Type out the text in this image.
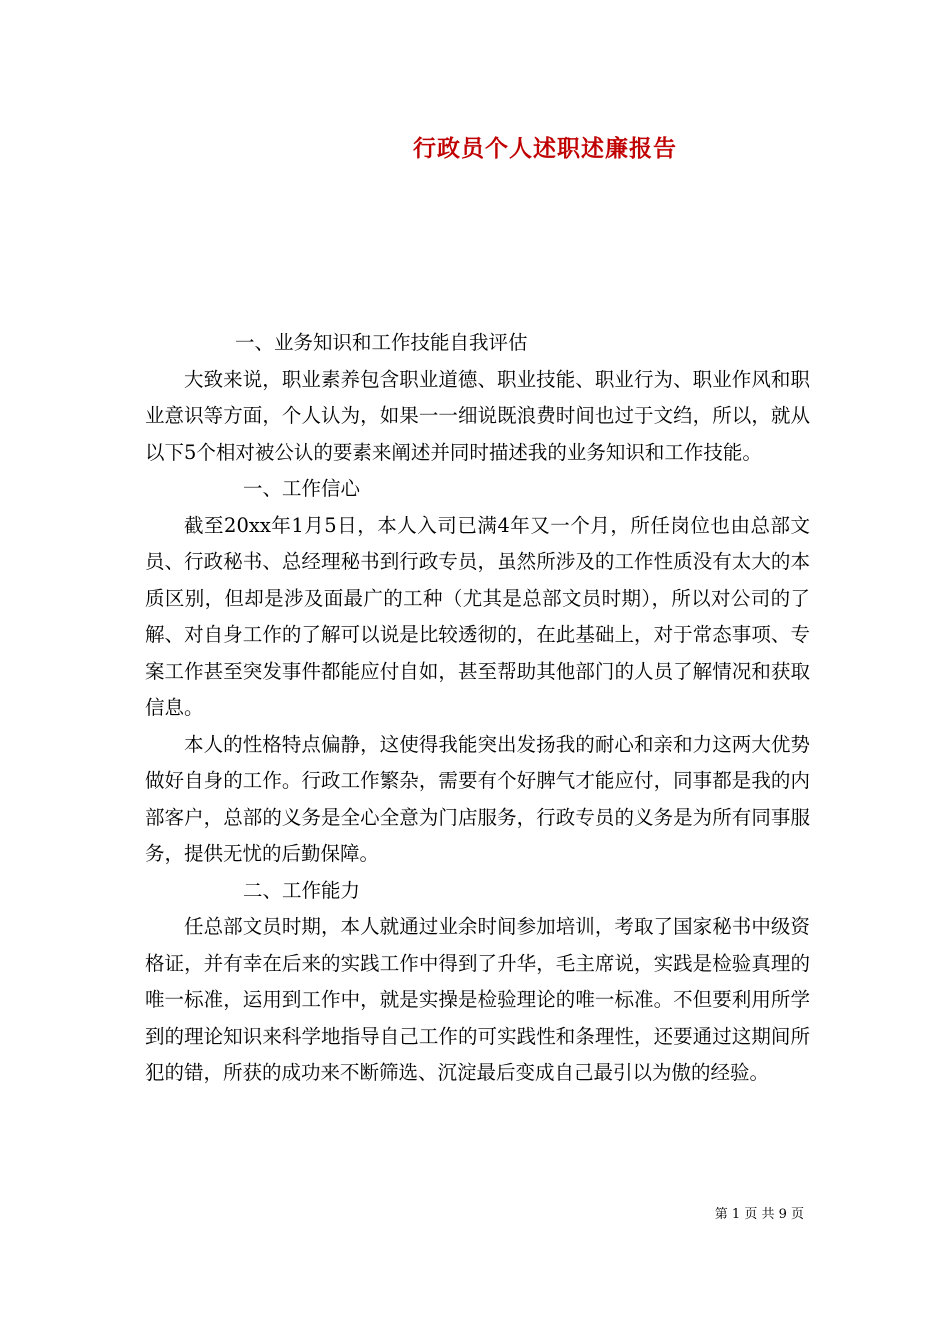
行政员个人述职述廉报告

一、业务知识和工作技能自我评估

大致来说，职业素养包含职业道德、职业技能、职业行为、职业作风和职业意识等方面，个人认为，如果一一细说既浪费时间也过于文绉，所以，就从以下5个相对被公认的要素来阐述并同时描述我的业务知识和工作技能。

一、工作信心

截至20xx年1月5日，本人入司已满4年又一个月，所任岗位也由总部文员、行政秘书、总经理秘书到行政专员，虽然所涉及的工作性质没有太大的本质区别，但却是涉及面最广的工种（尤其是总部文员时期），所以对公司的了解、对自身工作的了解可以说是比较透彻的，在此基础上，对于常态事项、专案工作甚至突发事件都能应付自如，甚至帮助其他部门的人员了解情况和获取信息。

本人的性格特点偏静，这使得我能突出发扬我的耐心和亲和力这两大优势做好自身的工作。行政工作繁杂，需要有个好脾气才能应付，同事都是我的内部客户，总部的义务是全心全意为门店服务，行政专员的义务是为所有同事服务，提供无忧的后勤保障。

二、工作能力

任总部文员时期，本人就通过业余时间参加培训，考取了国家秘书中级资格证，并有幸在后来的实践工作中得到了升华，毛主席说，实践是检验真理的唯一标准，运用到工作中，就是实操是检验理论的唯一标准。不但要利用所学到的理论知识来科学地指导自己工作的可实践性和条理性，还要通过这期间所犯的错，所获的成功来不断筛选、沉淀最后变成自己最引以为傲的经验。

第 1 页 共 9 页
